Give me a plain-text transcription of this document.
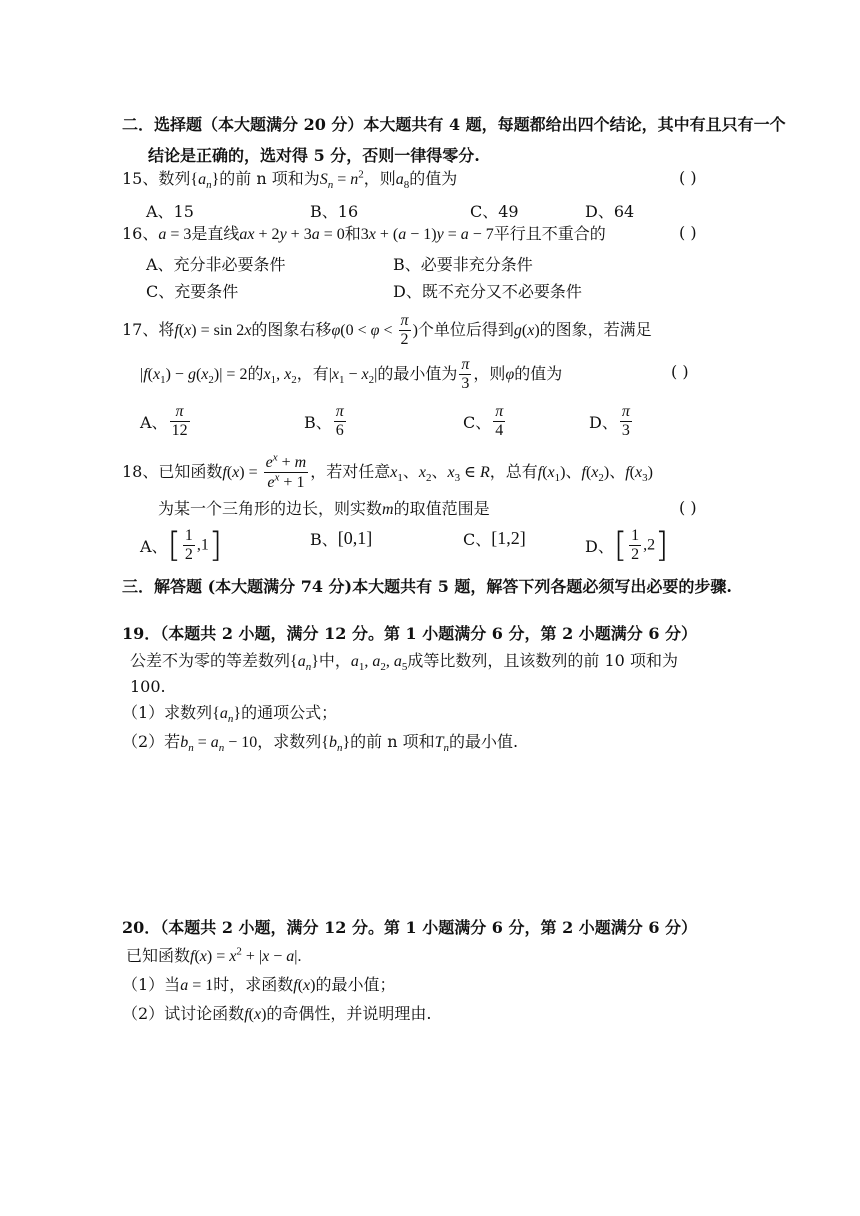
二．选择题（本大题满分 20 分）本大题共有 4 题，每题都给出四个结论，其中有且只有一个
结论是正确的，选对得 5 分，否则一律得零分.
15、数列$\{a_n\}$的前 n 项和为$S_n = n^2$，则$a_8$的值为	( )
A、15	B、16	C、49	D、64
16、a = 3是直线ax + 2y + 3a = 0和3x + (a − 1)y = a − 7平行且不重合的	( )
A、充分非必要条件	B、必要非充分条件
C、充要条件	D、既不充分又不必要条件
17、将f(x) = sin 2x的图象右移$\varphi(0 < \varphi < \frac{\pi}{2}$ )个单位后得到g(x)的图象，若满足
$|f(x_1) - g(x_2)| = 2$的$x_1$, $x_2$，有$|x_1 - x_2|$的最小值为 $\frac{\pi}{3}$ ，则φ的值为	( )
A、 $\frac{\pi}{12}$	B、 $\frac{\pi}{6}$	C、 $\frac{\pi}{4}$	D、 $\frac{\pi}{3}$
18、已知函数$f(x) = \frac{e^x + m}{e^x + 1}$ ，若对任意$x_1$、$x_2$、$x_3$ ∈ R，总有$f(x_1)$、$f(x_2)$、$f(x_3)$
为某一个三角形的边长，则实数m的取值范围是	( )
A、[ $\frac{1}{2} ,1$]	B、[0,1]	C、[1,2]	D、[ $\frac{1}{2} ,2$]
三．解答题 (本大题满分 74 分)本大题共有 5 题，解答下列各题必须写出必要的步骤.
19．（本题共 2 小题，满分 12 分。第 1 小题满分 6 分，第 2 小题满分 6 分）
公差不为零的等差数列$\{a_n\}$中，$a_1$, $a_2$, $a_5$成等比数列，且该数列的前 10 项和为
100.
（1）求数列$\{a_n\}$的通项公式；
（2）若$b_n = a_n - 10$，求数列$\{b_n\}$的前 n 项和$T_n$的最小值.
20．（本题共 2 小题，满分 12 分。第 1 小题满分 6 分，第 2 小题满分 6 分）
已知函数$f(x) = x^2 + |x - a|$.
（1）当a = 1时，求函数f(x)的最小值；
（2）试讨论函数f(x)的奇偶性，并说明理由.
